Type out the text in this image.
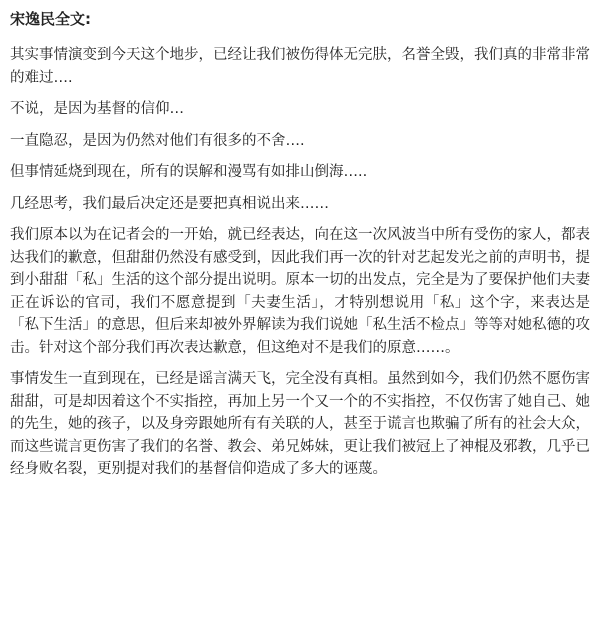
宋逸民全文:

其实事情演变到今天这个地步，已经让我们被伤得体无完肤，名誉全毁，我们真的非常非常的难过….

不说，是因为基督的信仰…

一直隐忍，是因为仍然对他们有很多的不舍….

但事情延烧到现在，所有的误解和漫骂有如排山倒海…..

几经思考，我们最后决定还是要把真相说出来……

我们原本以为在记者会的一开始，就已经表达，向在这一次风波当中所有受伤的家人，都表达我们的歉意，但甜甜仍然没有感受到，因此我们再一次的针对艺起发光之前的声明书，提到小甜甜「私」生活的这个部分提出说明。原本一切的出发点，完全是为了要保护他们夫妻正在诉讼的官司，我们不愿意提到「夫妻生活」，才特别想说用「私」这个字，来表达是「私下生活」的意思，但后来却被外界解读为我们说她「私生活不检点」等等对她私德的攻击。针对这个部分我们再次表达歉意，但这绝对不是我们的原意……。

事情发生一直到现在，已经是谣言满天飞，完全没有真相。虽然到如今，我们仍然不愿伤害甜甜，可是却因着这个不实指控，再加上另一个又一个的不实指控，不仅伤害了她自己、她的先生，她的孩子，以及身旁跟她所有有关联的人，甚至于谎言也欺骗了所有的社会大众，而这些谎言更伤害了我们的名誉、教会、弟兄姊妹，更让我们被冠上了神棍及邪教，几乎已经身败名裂，更别提对我们的基督信仰造成了多大的诬蔑。
